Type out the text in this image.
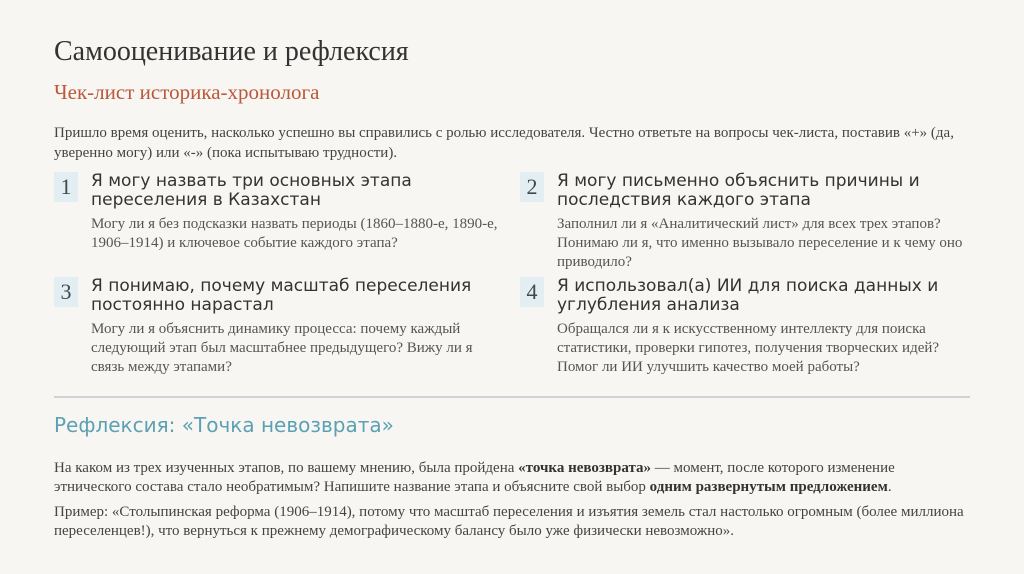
Самооценивание и рефлексия
Чек-лист историка-хронолога
Пришло время оценить, насколько успешно вы справились с ролью исследователя. Честно ответьте на вопросы чек-листа, поставив «+» (да, уверенно могу) или «-» (пока испытываю трудности).
1	Я могу назвать три основных этапа переселения в Казахстан
Могу ли я без подсказки назвать периоды (1860–1880-е, 1890-е, 1906–1914) и ключевое событие каждого этапа?
2	Я могу письменно объяснить причины и последствия каждого этапа
Заполнил ли я «Аналитический лист» для всех трех этапов? Понимаю ли я, что именно вызывало переселение и к чему оно приводило?
3	Я понимаю, почему масштаб переселения постоянно нарастал
Могу ли я объяснить динамику процесса: почему каждый следующий этап был масштабнее предыдущего? Вижу ли я связь между этапами?
4	Я использовал(а) ИИ для поиска данных и углубления анализа
Обращался ли я к искусственному интеллекту для поиска статистики, проверки гипотез, получения творческих идей? Помог ли ИИ улучшить качество моей работы?
Рефлексия: «Точка невозврата»
На каком из трех изученных этапов, по вашему мнению, была пройдена «точка невозврата» — момент, после которого изменение этнического состава стало необратимым? Напишите название этапа и объясните свой выбор одним развернутым предложением.
Пример: «Столыпинская реформа (1906–1914), потому что масштаб переселения и изъятия земель стал настолько огромным (более миллиона переселенцев!), что вернуться к прежнему демографическому балансу было уже физически невозможно».
